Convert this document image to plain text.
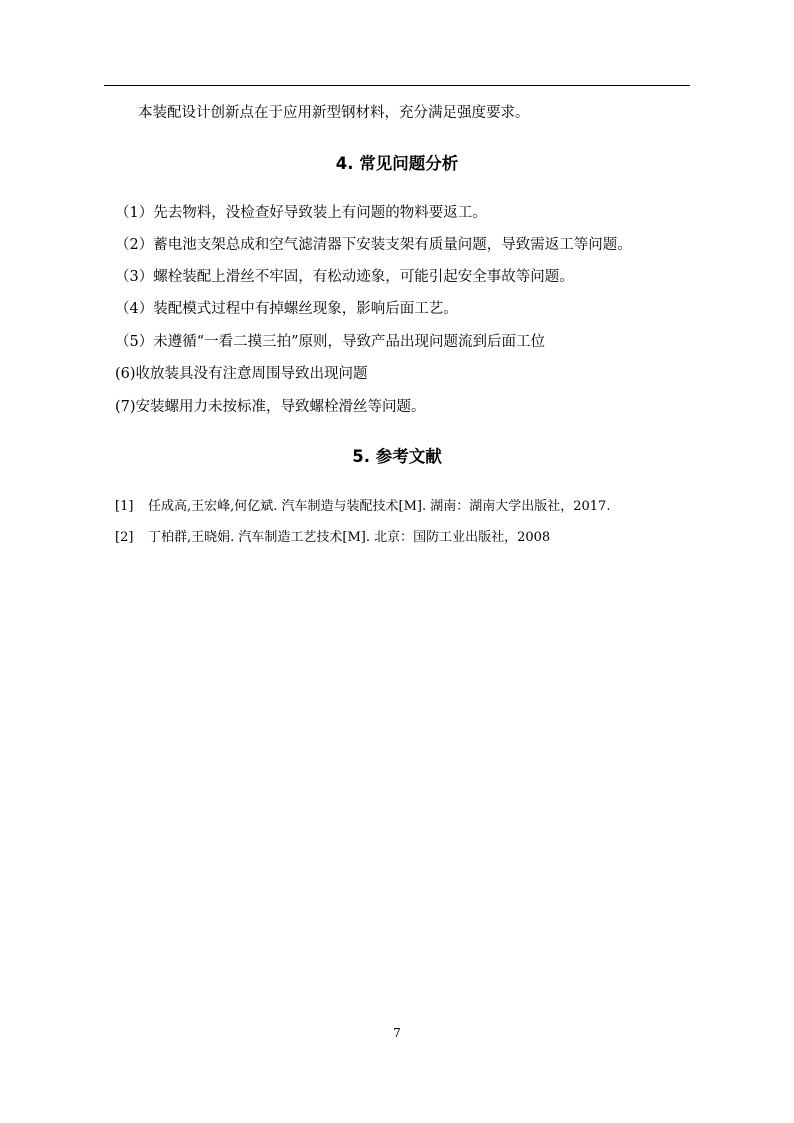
本装配设计创新点在于应用新型钢材料，充分满足强度要求。
4. 常见问题分析
（1）先去物料，没检查好导致装上有问题的物料要返工。
（2）蓄电池支架总成和空气滤清器下安装支架有质量问题，导致需返工等问题。
（3）螺栓装配上滑丝不牢固，有松动迹象，可能引起安全事故等问题。
（4）装配模式过程中有掉螺丝现象，影响后面工艺。
（5）未遵循“一看二摸三拍”原则，导致产品出现问题流到后面工位
(6)收放装具没有注意周围导致出现问题
(7)安装螺用力未按标准，导致螺栓滑丝等问题。
5. 参考文献
[1] 任成高,王宏峰,何亿斌. 汽车制造与装配技术[M]. 湖南：湖南大学出版社，2017.
[2] 丁柏群,王晓娟. 汽车制造工艺技术[M]. 北京：国防工业出版社，2008
7
